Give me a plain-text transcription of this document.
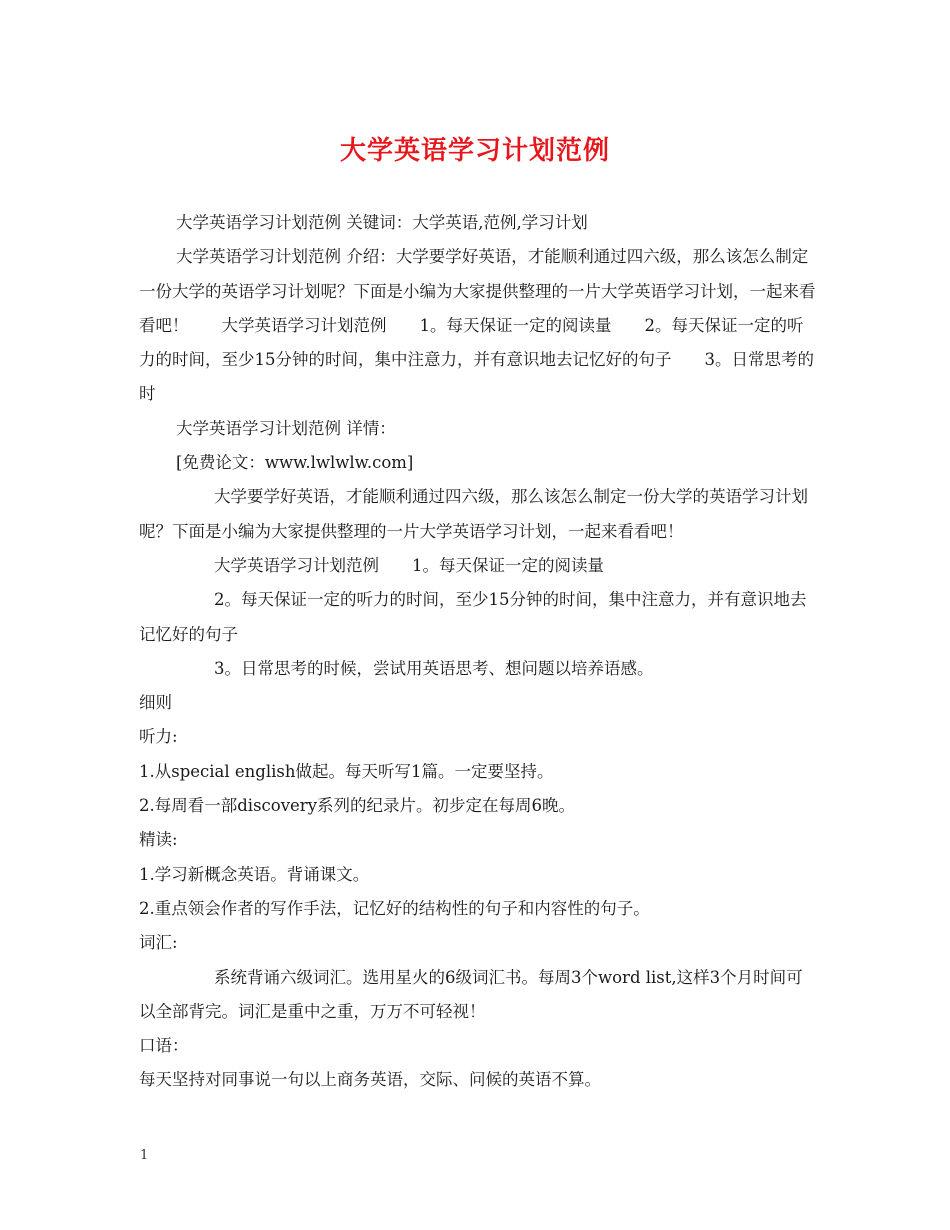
大学英语学习计划范例

大学英语学习计划范例 关键词：大学英语,范例,学习计划

大学英语学习计划范例 介绍：大学要学好英语，才能顺利通过四六级，那么该怎么制定一份大学的英语学习计划呢？下面是小编为大家提供整理的一片大学英语学习计划，一起来看看吧！　　大学英语学习计划范例　　1。每天保证一定的阅读量　　2。每天保证一定的听力的时间，至少15分钟的时间，集中注意力，并有意识地去记忆好的句子　　3。日常思考的时

大学英语学习计划范例 详情：

[免费论文：www.lwlwlw.com]

大学要学好英语，才能顺利通过四六级，那么该怎么制定一份大学的英语学习计划呢？下面是小编为大家提供整理的一片大学英语学习计划，一起来看看吧！

大学英语学习计划范例　　1。每天保证一定的阅读量

2。每天保证一定的听力的时间，至少15分钟的时间，集中注意力，并有意识地去记忆好的句子

3。日常思考的时候，尝试用英语思考、想问题以培养语感。

细则

听力:

1.从special english做起。每天听写1篇。一定要坚持。

2.每周看一部discovery系列的纪录片。初步定在每周6晚。

精读:

1.学习新概念英语。背诵课文。

2.重点领会作者的写作手法，记忆好的结构性的句子和内容性的句子。

词汇:

系统背诵六级词汇。选用星火的6级词汇书。每周3个word list,这样3个月时间可以全部背完。词汇是重中之重，万万不可轻视！

口语：

每天坚持对同事说一句以上商务英语，交际、问候的英语不算。

1
